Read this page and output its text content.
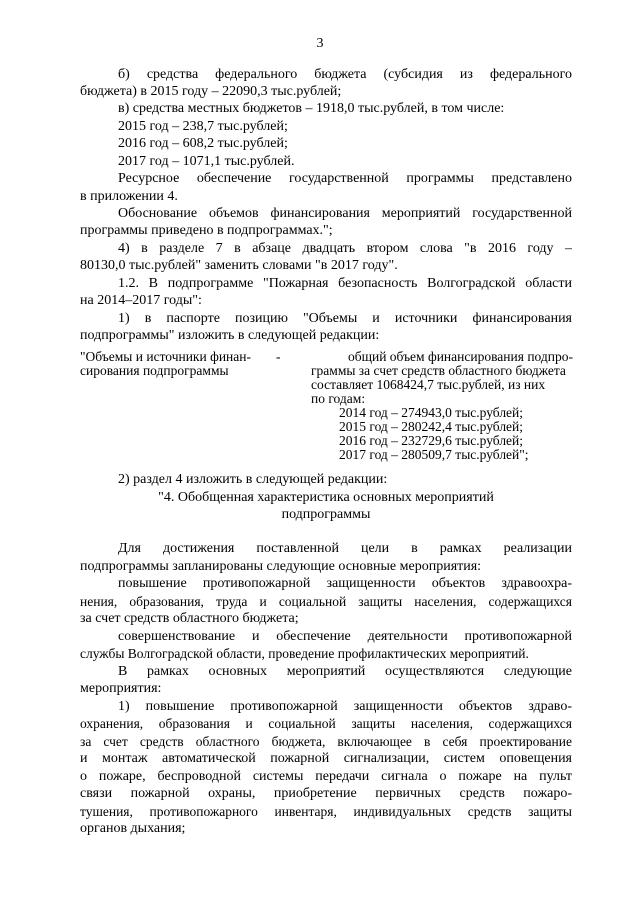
3
б) средства федерального бюджета (субсидия из федерального
бюджета) в 2015 году – 22090,3 тыс.рублей;
в) средства местных бюджетов – 1918,0 тыс.рублей, в том числе:
2015 год – 238,7 тыс.рублей;
2016 год – 608,2 тыс.рублей;
2017 год – 1071,1 тыс.рублей.
Ресурсное обеспечение государственной программы представлено
в приложении 4.
Обоснование объемов финансирования мероприятий государственной
программы приведено в подпрограммах.";
4) в разделе 7 в абзаце двадцать втором слова "в 2016 году –
80130,0 тыс.рублей" заменить словами "в 2017 году".
1.2. В подпрограмме "Пожарная безопасность Волгоградской области
на 2014–2017 годы":
1) в паспорте позицию "Объемы и источники финансирования
подпрограммы" изложить в следующей редакции:
"Объемы и источники финан-
сирования подпрограммы
-	общий объем финансирования подпро-
граммы за счет средств областного бюджета
составляет 1068424,7 тыс.рублей, из них
по годам:
2014 год – 274943,0 тыс.рублей;
2015 год – 280242,4 тыс.рублей;
2016 год – 232729,6 тыс.рублей;
2017 год – 280509,7 тыс.рублей";
2) раздел 4 изложить в следующей редакции:
"4. Обобщенная характеристика основных мероприятий
подпрограммы
Для достижения поставленной цели в рамках реализации
подпрограммы запланированы следующие основные мероприятия:
повышение противопожарной защищенности объектов здравоохра-
нения, образования, труда и социальной защиты населения, содержащихся
за счет средств областного бюджета;
совершенствование и обеспечение деятельности противопожарной
службы Волгоградской области, проведение профилактических мероприятий.
В рамках основных мероприятий осуществляются следующие
мероприятия:
1) повышение противопожарной защищенности объектов здраво-
охранения, образования и социальной защиты населения, содержащихся
за счет средств областного бюджета, включающее в себя проектирование
и монтаж автоматической пожарной сигнализации, систем оповещения
о пожаре, беспроводной системы передачи сигнала о пожаре на пульт
связи пожарной охраны, приобретение первичных средств пожаро-
тушения, противопожарного инвентаря, индивидуальных средств защиты
органов дыхания;
